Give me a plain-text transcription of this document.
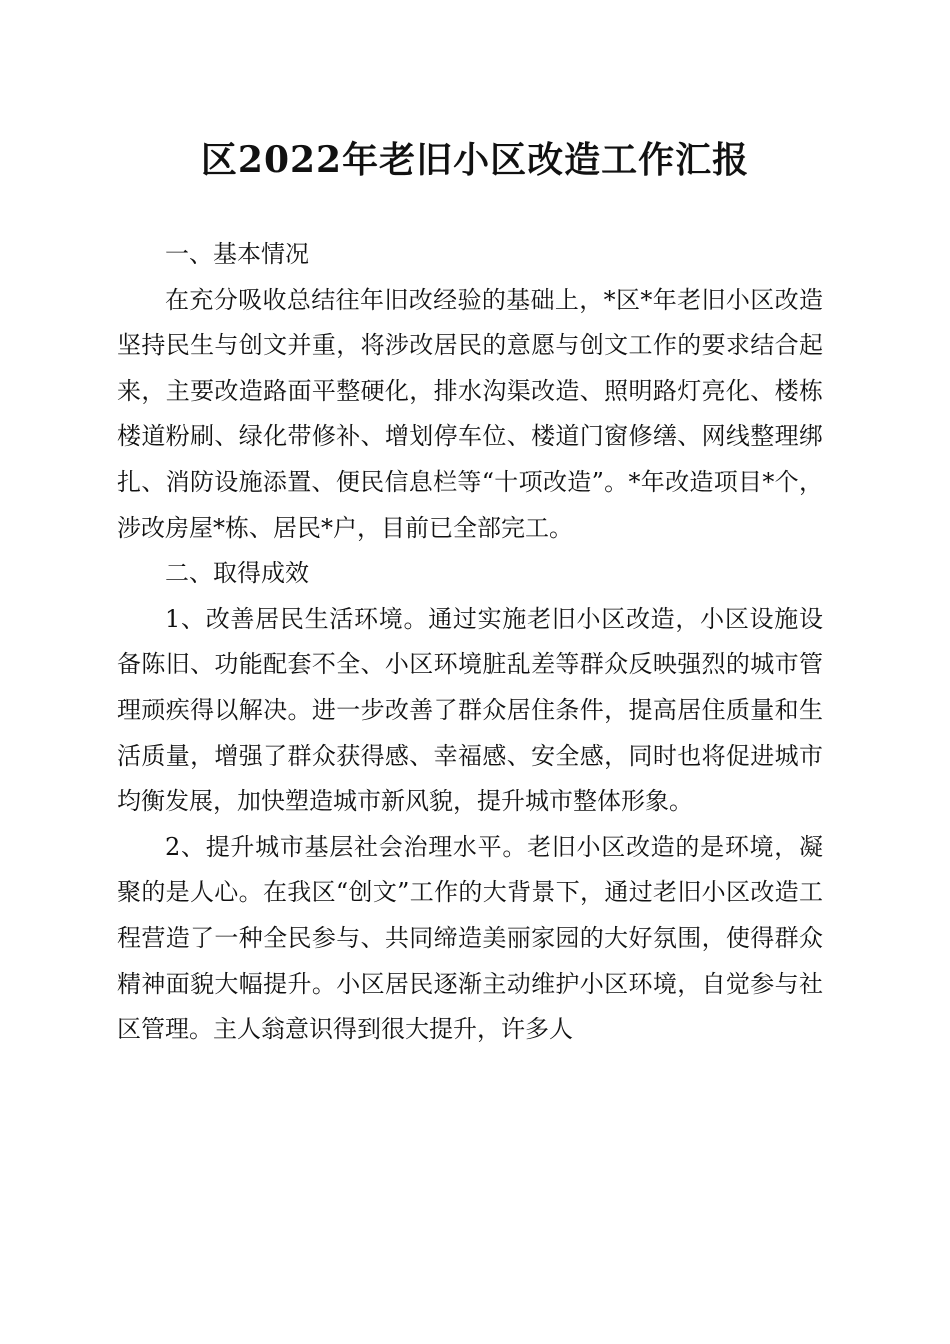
区2022年老旧小区改造工作汇报
一、基本情况

在充分吸收总结往年旧改经验的基础上，*区*年老旧小区改造坚持民生与创文并重，将涉改居民的意愿与创文工作的要求结合起来，主要改造路面平整硬化，排水沟渠改造、照明路灯亮化、楼栋楼道粉刷、绿化带修补、增划停车位、楼道门窗修缮、网线整理绑扎、消防设施添置、便民信息栏等“十项改造”。*年改造项目*个，涉改房屋*栋、居民*户，目前已全部完工。

二、取得成效

1、改善居民生活环境。通过实施老旧小区改造，小区设施设备陈旧、功能配套不全、小区环境脏乱差等群众反映强烈的城市管理顽疾得以解决。进一步改善了群众居住条件，提高居住质量和生活质量，增强了群众获得感、幸福感、安全感，同时也将促进城市均衡发展，加快塑造城市新风貌，提升城市整体形象。

2、提升城市基层社会治理水平。老旧小区改造的是环境，凝聚的是人心。在我区“创文”工作的大背景下，通过老旧小区改造工程营造了一种全民参与、共同缔造美丽家园的大好氛围，使得群众精神面貌大幅提升。小区居民逐渐主动维护小区环境，自觉参与社区管理。主人翁意识得到很大提升，许多人
